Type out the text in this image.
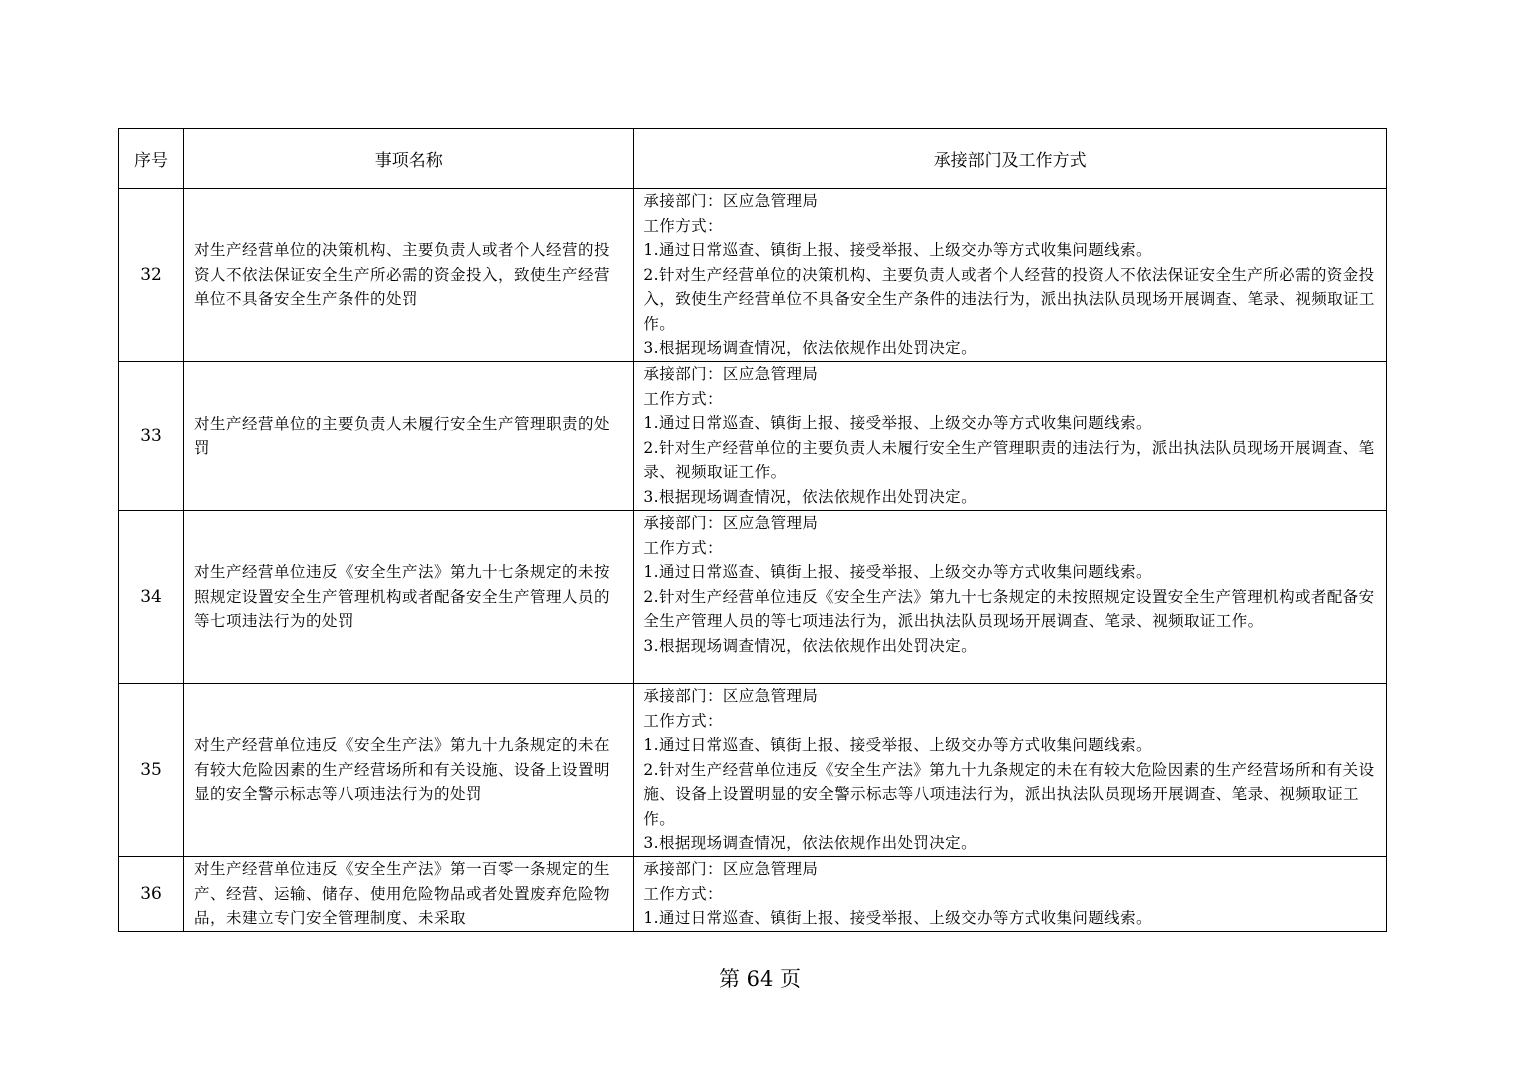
序号	事项名称	承接部门及工作方式
32	对生产经营单位的决策机构、主要负责人或者个人经营的投资人不依法保证安全生产所必需的资金投入，致使生产经营单位不具备安全生产条件的处罚	承接部门：区应急管理局
工作方式：
1.通过日常巡查、镇街上报、接受举报、上级交办等方式收集问题线索。
2.针对生产经营单位的决策机构、主要负责人或者个人经营的投资人不依法保证安全生产所必需的资金投入，致使生产经营单位不具备安全生产条件的违法行为，派出执法队员现场开展调查、笔录、视频取证工作。
3.根据现场调查情况，依法依规作出处罚决定。

33	对生产经营单位的主要负责人未履行安全生产管理职责的处罚	承接部门：区应急管理局
工作方式：
1.通过日常巡查、镇街上报、接受举报、上级交办等方式收集问题线索。
2.针对生产经营单位的主要负责人未履行安全生产管理职责的违法行为，派出执法队员现场开展调查、笔录、视频取证工作。
3.根据现场调查情况，依法依规作出处罚决定。

34	对生产经营单位违反《安全生产法》第九十七条规定的未按照规定设置安全生产管理机构或者配备安全生产管理人员的等七项违法行为的处罚	承接部门：区应急管理局
工作方式：
1.通过日常巡查、镇街上报、接受举报、上级交办等方式收集问题线索。
2.针对生产经营单位违反《安全生产法》第九十七条规定的未按照规定设置安全生产管理机构或者配备安全生产管理人员的等七项违法行为，派出执法队员现场开展调查、笔录、视频取证工作。
3.根据现场调查情况，依法依规作出处罚决定。

35	对生产经营单位违反《安全生产法》第九十九条规定的未在有较大危险因素的生产经营场所和有关设施、设备上设置明显的安全警示标志等八项违法行为的处罚	承接部门：区应急管理局
工作方式：
1.通过日常巡查、镇街上报、接受举报、上级交办等方式收集问题线索。
2.针对生产经营单位违反《安全生产法》第九十九条规定的未在有较大危险因素的生产经营场所和有关设施、设备上设置明显的安全警示标志等八项违法行为，派出执法队员现场开展调查、笔录、视频取证工作。
3.根据现场调查情况，依法依规作出处罚决定。

36	对生产经营单位违反《安全生产法》第一百零一条规定的生产、经营、运输、储存、使用危险物品或者处置废弃危险物品，未建立专门安全管理制度、未采取	承接部门：区应急管理局
工作方式：
1.通过日常巡查、镇街上报、接受举报、上级交办等方式收集问题线索。
第 64 页
